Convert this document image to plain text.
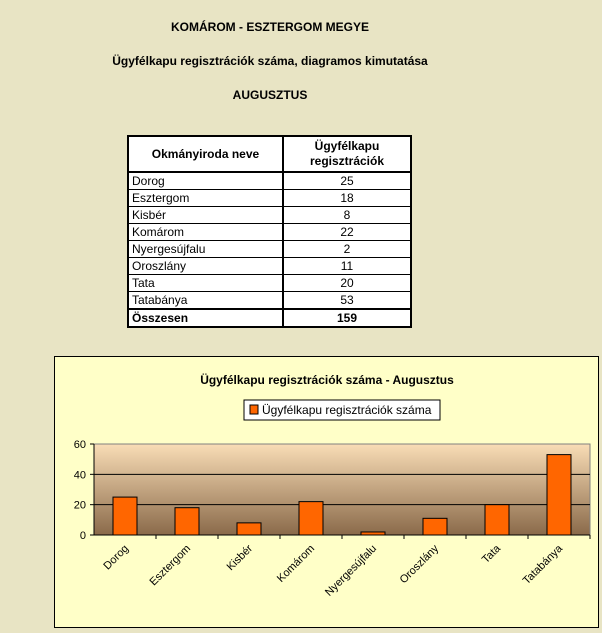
KOMÁROM - ESZTERGOM MEGYE
Ügyfélkapu regisztrációk száma, diagramos kimutatása
AUGUSZTUS
Okmányiroda neve	Ügyfélkapu
regisztrációk
Dorog	25
Esztergom	18
Kisbér	8
Komárom	22
Nyergesújfalu	2
Oroszlány	11
Tata	20
Tatabánya	53
Összesen	159
Ügyfélkapu regisztrációk száma - Augusztus
Ügyfélkapu regisztrációk száma
0
20
40
60
Dorog Esztergom	Kisbér Komárom Nyergesújfalu Oroszlány	Tata Tatabánya
